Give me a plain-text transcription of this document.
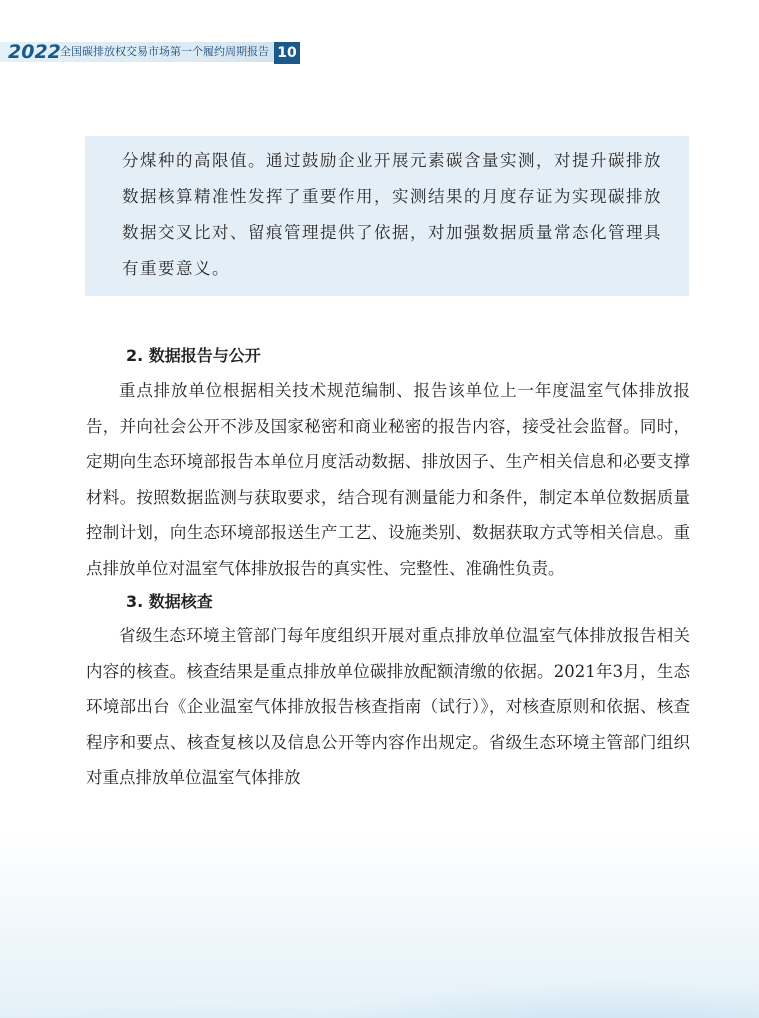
2022 全国碳排放权交易市场第一个履约周期报告 10

分煤种的高限值。通过鼓励企业开展元素碳含量实测，对提升碳排放数据核算精准性发挥了重要作用，实测结果的月度存证为实现碳排放数据交叉比对、留痕管理提供了依据，对加强数据质量常态化管理具有重要意义。

2. 数据报告与公开

重点排放单位根据相关技术规范编制、报告该单位上一年度温室气体排放报告，并向社会公开不涉及国家秘密和商业秘密的报告内容，接受社会监督。同时，定期向生态环境部报告本单位月度活动数据、排放因子、生产相关信息和必要支撑材料。按照数据监测与获取要求，结合现有测量能力和条件，制定本单位数据质量控制计划，向生态环境部报送生产工艺、设施类别、数据获取方式等相关信息。重点排放单位对温室气体排放报告的真实性、完整性、准确性负责。

3. 数据核查

省级生态环境主管部门每年度组织开展对重点排放单位温室气体排放报告相关内容的核查。核查结果是重点排放单位碳排放配额清缴的依据。2021年3月，生态环境部出台《企业温室气体排放报告核查指南（试行）》，对核查原则和依据、核查程序和要点、核查复核以及信息公开等内容作出规定。省级生态环境主管部门组织对重点排放单位温室气体排放
